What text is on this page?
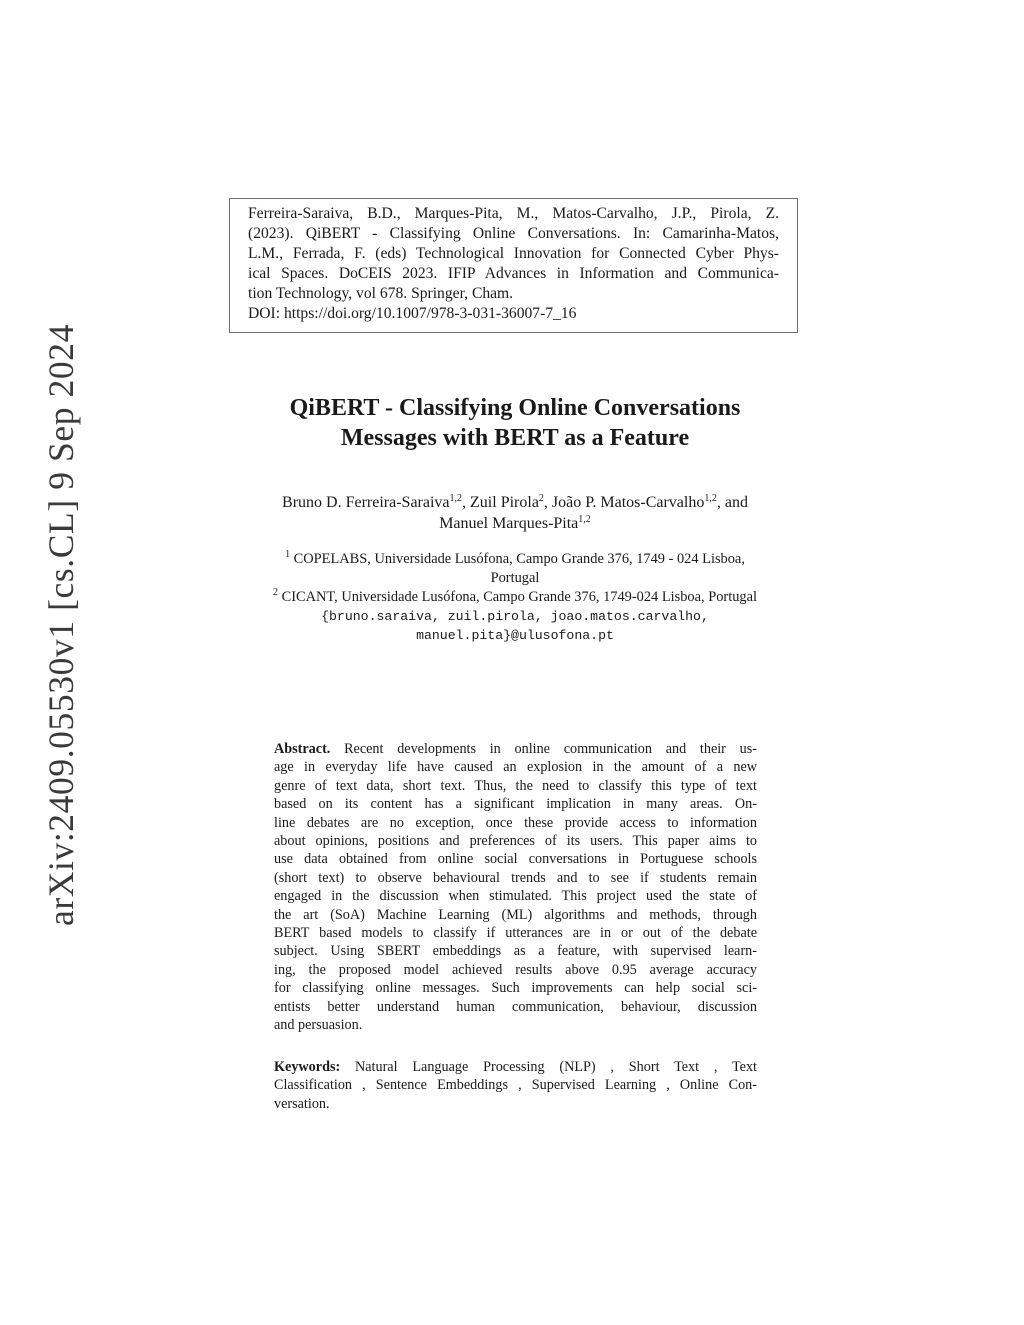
arXiv:2409.05530v1 [cs.CL] 9 Sep 2024
Ferreira-Saraiva, B.D., Marques-Pita, M., Matos-Carvalho, J.P., Pirola, Z.
(2023). QiBERT - Classifying Online Conversations. In: Camarinha-Matos,
L.M., Ferrada, F. (eds) Technological Innovation for Connected Cyber Phys-
ical Spaces. DoCEIS 2023. IFIP Advances in Information and Communica-
tion Technology, vol 678. Springer, Cham.
DOI: https://doi.org/10.1007/978-3-031-36007-7_16
QiBERT - Classifying Online Conversations
Messages with BERT as a Feature
Bruno D. Ferreira-Saraiva$^{1,2}$, Zuil Pirola$^2$, João P. Matos-Carvalho$^{1,2}$, and
Manuel Marques-Pita$^{1,2}$
$^1$ COPELABS, Universidade Lusófona, Campo Grande 376, 1749 - 024 Lisboa,
Portugal
$^2$ CICANT, Universidade Lusófona, Campo Grande 376, 1749-024 Lisboa, Portugal
{bruno.saraiva, zuil.pirola, joao.matos.carvalho,
manuel.pita}@ulusofona.pt
Abstract. Recent developments in online communication and their us-
age in everyday life have caused an explosion in the amount of a new
genre of text data, short text. Thus, the need to classify this type of text
based on its content has a significant implication in many areas. On-
line debates are no exception, once these provide access to information
about opinions, positions and preferences of its users. This paper aims to
use data obtained from online social conversations in Portuguese schools
(short text) to observe behavioural trends and to see if students remain
engaged in the discussion when stimulated. This project used the state of
the art (SoA) Machine Learning (ML) algorithms and methods, through
BERT based models to classify if utterances are in or out of the debate
subject. Using SBERT embeddings as a feature, with supervised learn-
ing, the proposed model achieved results above 0.95 average accuracy
for classifying online messages. Such improvements can help social sci-
entists better understand human communication, behaviour, discussion
and persuasion.
Keywords: Natural Language Processing (NLP) , Short Text , Text
Classification , Sentence Embeddings , Supervised Learning , Online Con-
versation.
